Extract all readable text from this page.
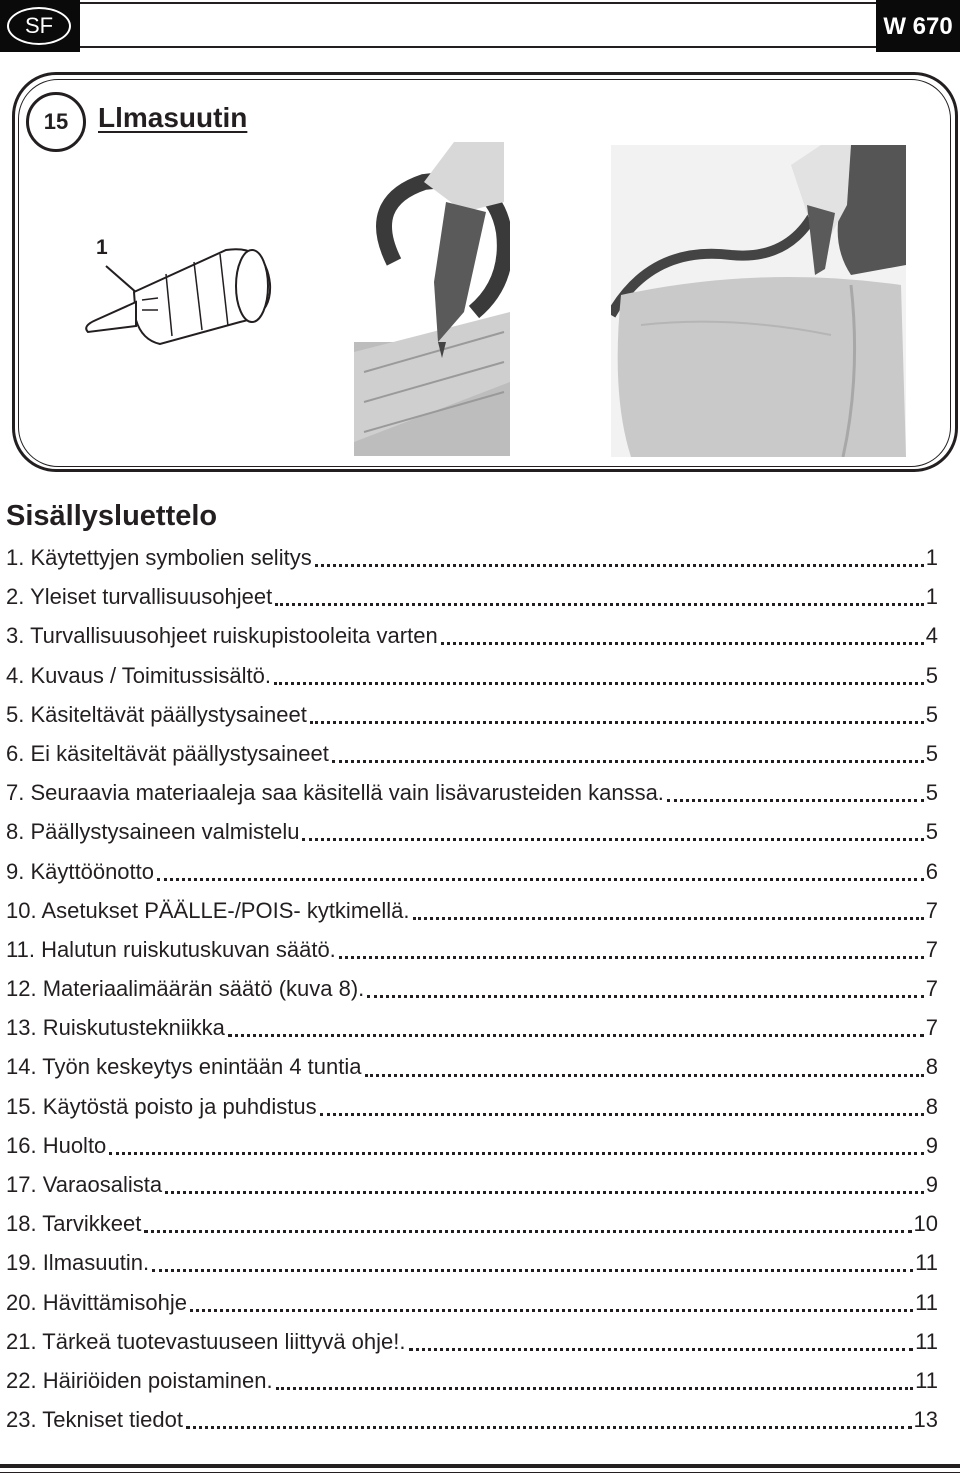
SF	W 670
15	Llmasuutin
1
Sisällysluettelo
1. Käytettyjen symbolien selitys	1
2. Yleiset turvallisuusohjeet	1
3. Turvallisuusohjeet ruiskupistooleita varten	4
4. Kuvaus / Toimitussisältö.	5
5. Käsiteltävät päällystysaineet	5
6. Ei käsiteltävät päällystysaineet	5
7. Seuraavia materiaaleja saa käsitellä vain lisävarusteiden kanssa.	5
8. Päällystysaineen valmistelu	5
9. Käyttöönotto	6
10. Asetukset PÄÄLLE-/POIS- kytkimellä.	7
11. Halutun ruiskutuskuvan säätö.	7
12. Materiaalimäärän säätö (kuva 8).	7
13. Ruiskutustekniikka	7
14. Työn keskeytys enintään 4 tuntia	8
15. Käytöstä poisto ja puhdistus	8
16. Huolto	9
17. Varaosalista	9
18. Tarvikkeet	10
19. Ilmasuutin.	11
20. Hävittämisohje	11
21. Tärkeä tuotevastuuseen liittyvä ohje!.	11
22. Häiriöiden poistaminen.	11
23. Tekniset tiedot	13
